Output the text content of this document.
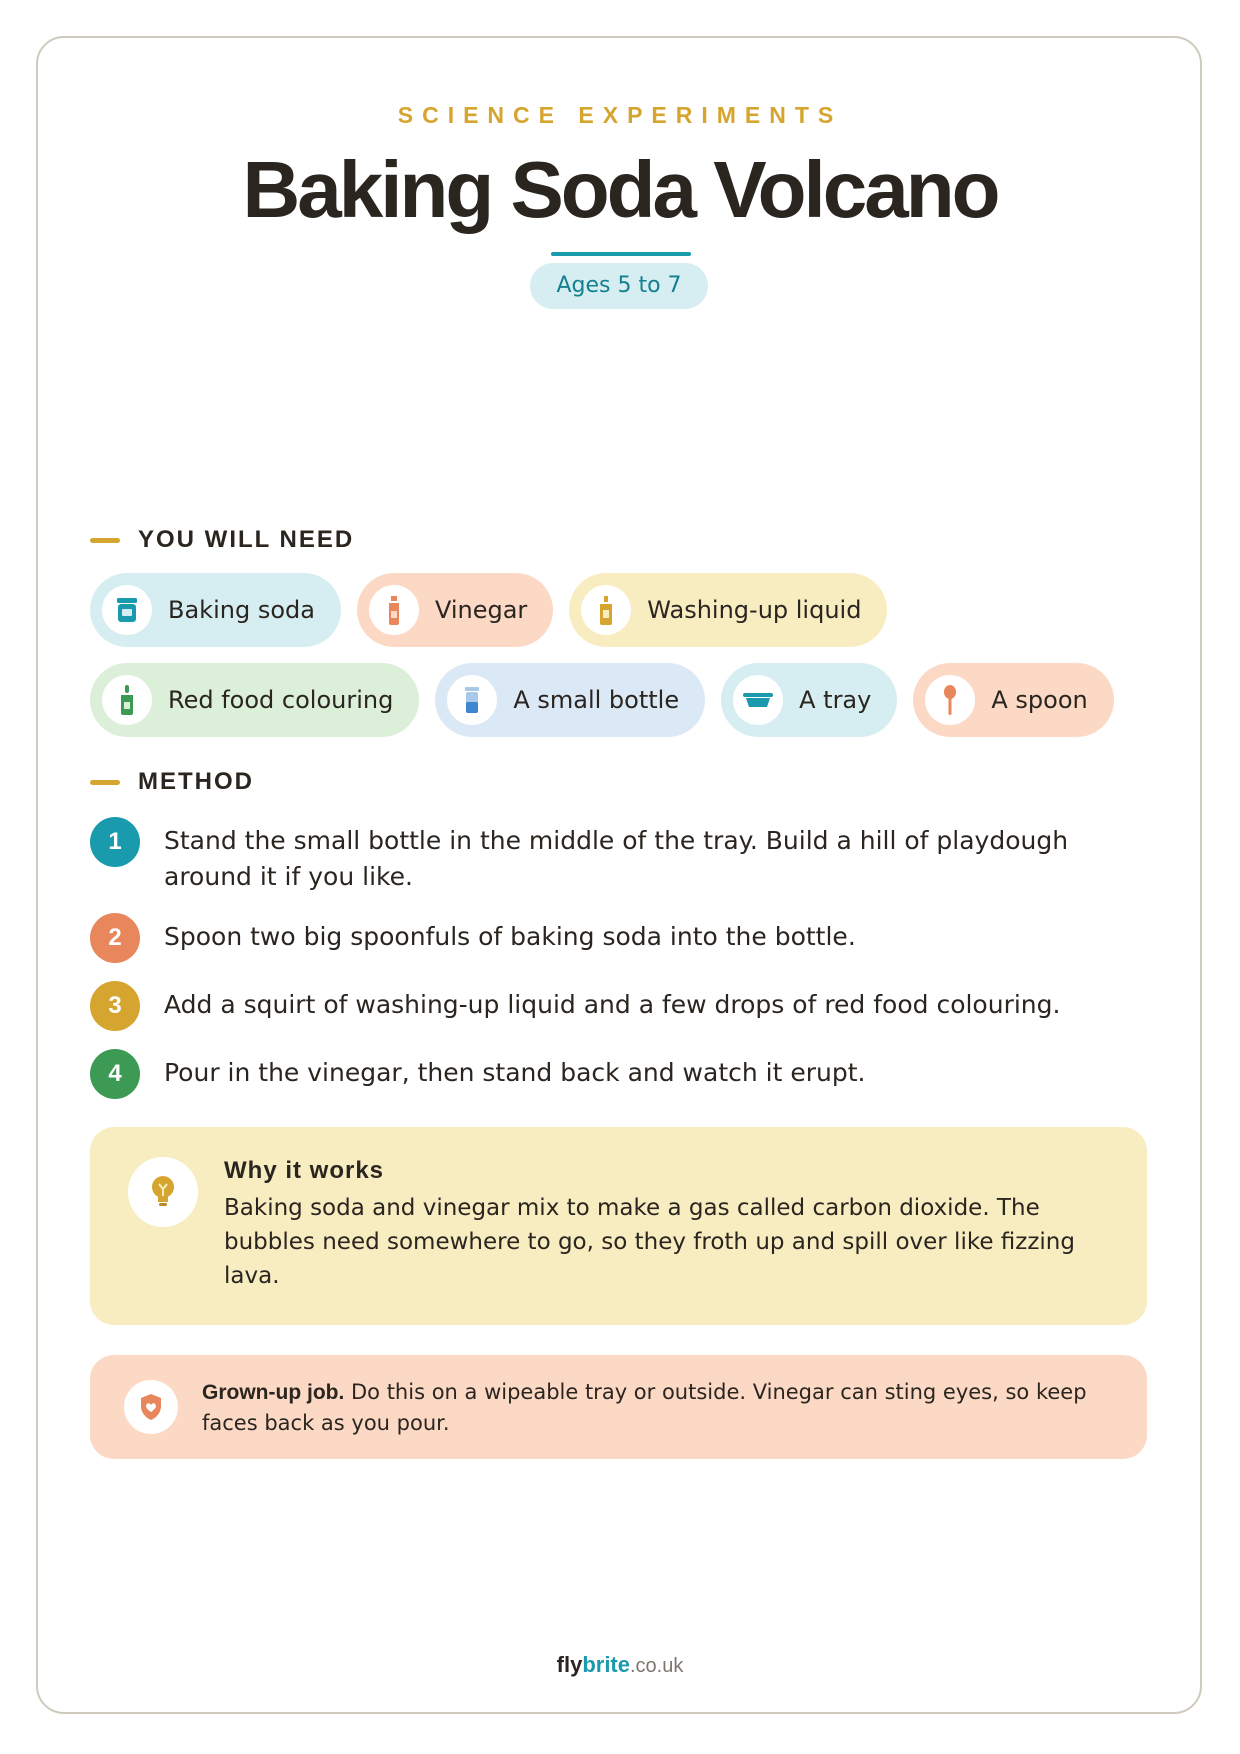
SCIENCE EXPERIMENTS
Baking Soda Volcano
Ages 5 to 7
YOU WILL NEED
Baking soda	Vinegar	Washing-up liquid
Red food colouring	A small bottle	A tray	A spoon
METHOD
1	Stand the small bottle in the middle of the tray. Build a hill of playdough around it if you like.
2	Spoon two big spoonfuls of baking soda into the bottle.
3	Add a squirt of washing-up liquid and a few drops of red food colouring.
4	Pour in the vinegar, then stand back and watch it erupt.
Why it works
Baking soda and vinegar mix to make a gas called carbon dioxide. The bubbles need somewhere to go, so they froth up and spill over like fizzing lava.
Grown-up job. Do this on a wipeable tray or outside. Vinegar can sting eyes, so keep faces back as you pour.
flybrite.co.uk
